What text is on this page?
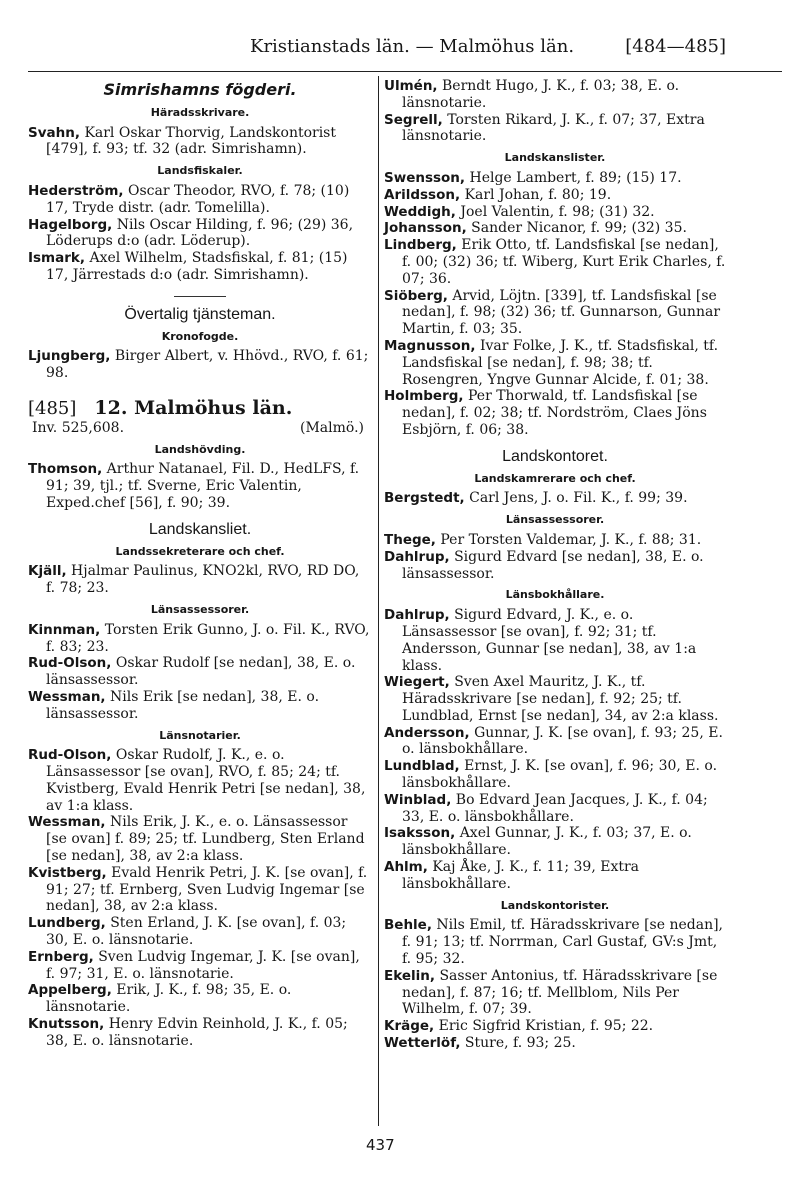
Kristianstads län. — Malmöhus län.	[484—485]
Simrishamns fögderi.
Häradsskrivare.

Svahn, Karl Oskar Thorvig, Landskontorist [479], f. 93; tf. 32 (adr. Simrishamn).

Landsfiskaler.

Hederström, Oscar Theodor, RVO, f. 78; (10) 17, Tryde distr. (adr. Tomelilla).

Hagelborg, Nils Oscar Hilding, f. 96; (29) 36, Löderups d:o (adr. Löderup).

Ismark, Axel Wilhelm, Stadsfiskal, f. 81; (15) 17, Järrestads d:o (adr. Simrishamn).

Övertalig tjänsteman.
Kronofogde.

Ljungberg, Birger Albert, v. Hhövd., RVO, f. 61; 98.

[485] 12. Malmöhus län.
Inv. 525,608.	(Malmö.)
Landshövding.

Thomson, Arthur Natanael, Fil. D., HedLFS, f. 91; 39, tjl.; tf. Sverne, Eric Valentin, Exped.chef [56], f. 90; 39.

Landskansliet.
Landssekreterare och chef.

Kjäll, Hjalmar Paulinus, KNO2kl, RVO, RD DO, f. 78; 23.

Länsassessorer.

Kinnman, Torsten Erik Gunno, J. o. Fil. K., RVO, f. 83; 23.

Rud-Olson, Oskar Rudolf [se nedan], 38, E. o. länsassessor.

Wessman, Nils Erik [se nedan], 38, E. o. länsassessor.

Länsnotarier.

Rud-Olson, Oskar Rudolf, J. K., e. o. Länsassessor [se ovan], RVO, f. 85; 24; tf. Kvistberg, Evald Henrik Petri [se nedan], 38, av 1:a klass.

Wessman, Nils Erik, J. K., e. o. Länsassessor [se ovan] f. 89; 25; tf. Lundberg, Sten Erland [se nedan], 38, av 2:a klass.

Kvistberg, Evald Henrik Petri, J. K. [se ovan], f. 91; 27; tf. Ernberg, Sven Ludvig Ingemar [se nedan], 38, av 2:a klass.

Lundberg, Sten Erland, J. K. [se ovan], f. 03; 30, E. o. länsnotarie.

Ernberg, Sven Ludvig Ingemar, J. K. [se ovan], f. 97; 31, E. o. länsnotarie.

Appelberg, Erik, J. K., f. 98; 35, E. o. länsnotarie.

Knutsson, Henry Edvin Reinhold, J. K., f. 05; 38, E. o. länsnotarie.

Ulmén, Berndt Hugo, J. K., f. 03; 38, E. o. länsnotarie.

Segrell, Torsten Rikard, J. K., f. 07; 37, Extra länsnotarie.

Landskanslister.

Swensson, Helge Lambert, f. 89; (15) 17.

Arildsson, Karl Johan, f. 80; 19.

Weddigh, Joel Valentin, f. 98; (31) 32.

Johansson, Sander Nicanor, f. 99; (32) 35.

Lindberg, Erik Otto, tf. Landsfiskal [se nedan], f. 00; (32) 36; tf. Wiberg, Kurt Erik Charles, f. 07; 36.

Siöberg, Arvid, Löjtn. [339], tf. Landsfiskal [se nedan], f. 98; (32) 36; tf. Gunnarson, Gunnar Martin, f. 03; 35.

Magnusson, Ivar Folke, J. K., tf. Stadsfiskal, tf. Landsfiskal [se nedan], f. 98; 38; tf. Rosengren, Yngve Gunnar Alcide, f. 01; 38.

Holmberg, Per Thorwald, tf. Landsfiskal [se nedan], f. 02; 38; tf. Nordström, Claes Jöns Esbjörn, f. 06; 38.

Landskontoret.
Landskamrerare och chef.

Bergstedt, Carl Jens, J. o. Fil. K., f. 99; 39.

Länsassessorer.

Thege, Per Torsten Valdemar, J. K., f. 88; 31.

Dahlrup, Sigurd Edvard [se nedan], 38, E. o. länsassessor.

Länsbokhållare.

Dahlrup, Sigurd Edvard, J. K., e. o. Länsassessor [se ovan], f. 92; 31; tf. Andersson, Gunnar [se nedan], 38, av 1:a klass.

Wiegert, Sven Axel Mauritz, J. K., tf. Häradsskrivare [se nedan], f. 92; 25; tf. Lundblad, Ernst [se nedan], 34, av 2:a klass.

Andersson, Gunnar, J. K. [se ovan], f. 93; 25, E. o. länsbokhållare.

Lundblad, Ernst, J. K. [se ovan], f. 96; 30, E. o. länsbokhållare.

Winblad, Bo Edvard Jean Jacques, J. K., f. 04; 33, E. o. länsbokhållare.

Isaksson, Axel Gunnar, J. K., f. 03; 37, E. o. länsbokhållare.

Ahlm, Kaj Åke, J. K., f. 11; 39, Extra länsbokhållare.

Landskontorister.

Behle, Nils Emil, tf. Häradsskrivare [se nedan], f. 91; 13; tf. Norrman, Carl Gustaf, GV:s Jmt, f. 95; 32.

Ekelin, Sasser Antonius, tf. Häradsskrivare [se nedan], f. 87; 16; tf. Mellblom, Nils Per Wilhelm, f. 07; 39.

Kräge, Eric Sigfrid Kristian, f. 95; 22.

Wetterlöf, Sture, f. 93; 25.

437
